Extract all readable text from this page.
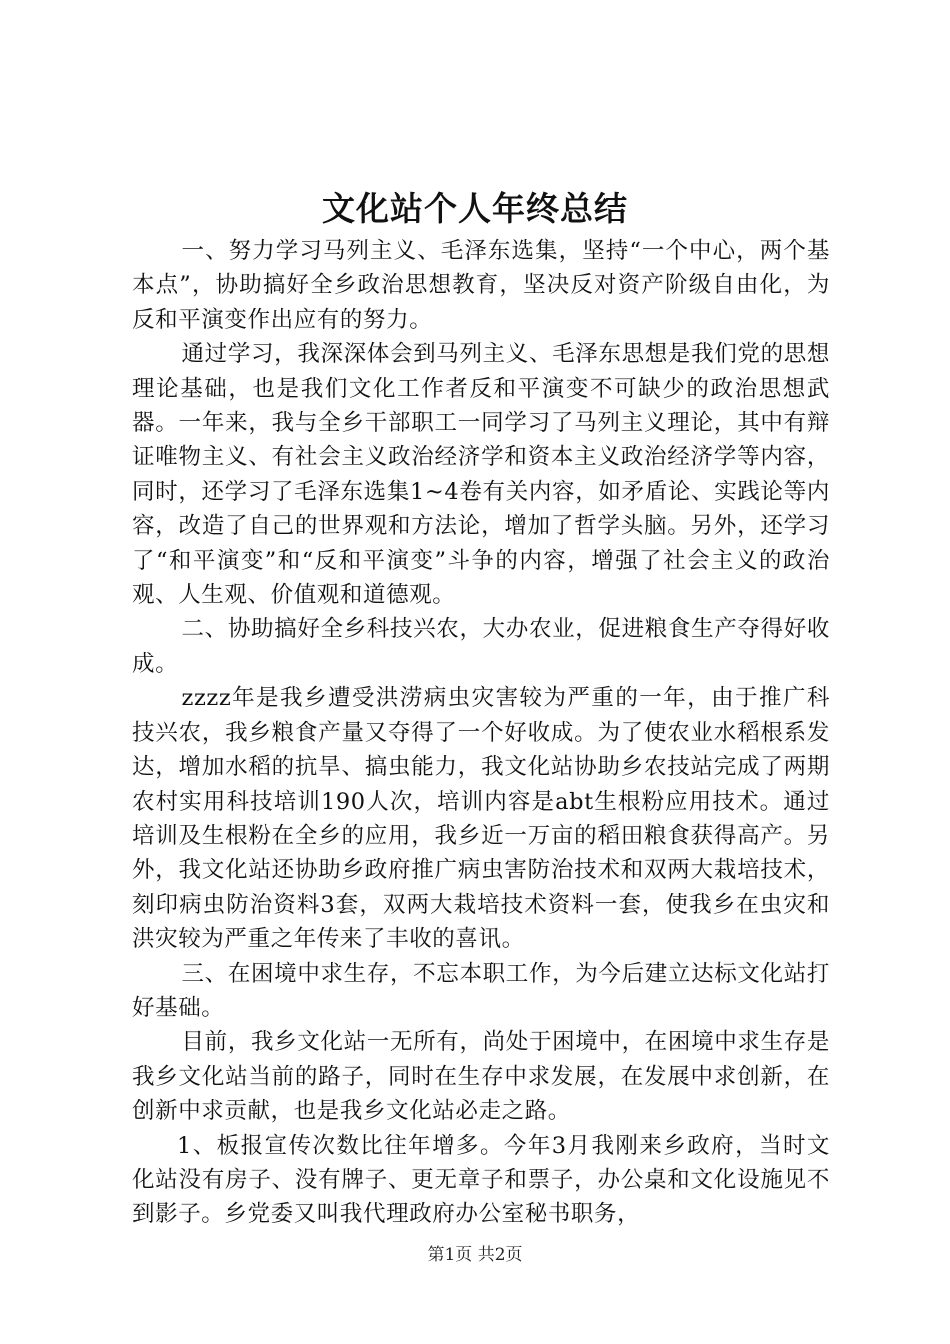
文化站个人年终总结

一、努力学习马列主义、毛泽东选集，坚持“一个中心，两个基本点”，协助搞好全乡政治思想教育，坚决反对资产阶级自由化，为反和平演变作出应有的努力。

通过学习，我深深体会到马列主义、毛泽东思想是我们党的思想理论基础，也是我们文化工作者反和平演变不可缺少的政治思想武器。一年来，我与全乡干部职工一同学习了马列主义理论，其中有辩证唯物主义、有社会主义政治经济学和资本主义政治经济学等内容，同时，还学习了毛泽东选集1~4卷有关内容，如矛盾论、实践论等内容，改造了自己的世界观和方法论，增加了哲学头脑。另外，还学习了“和平演变”和“反和平演变”斗争的内容，增强了社会主义的政治观、人生观、价值观和道德观。

二、协助搞好全乡科技兴农，大办农业，促进粮食生产夺得好收成。

zzzz年是我乡遭受洪涝病虫灾害较为严重的一年，由于推广科技兴农，我乡粮食产量又夺得了一个好收成。为了使农业水稻根系发达，增加水稻的抗旱、搞虫能力，我文化站协助乡农技站完成了两期农村实用科技培训190人次，培训内容是abt生根粉应用技术。通过培训及生根粉在全乡的应用，我乡近一万亩的稻田粮食获得高产。另外，我文化站还协助乡政府推广病虫害防治技术和双两大栽培技术，刻印病虫防治资料3套，双两大栽培技术资料一套，使我乡在虫灾和洪灾较为严重之年传来了丰收的喜讯。

三、在困境中求生存，不忘本职工作，为今后建立达标文化站打好基础。

目前，我乡文化站一无所有，尚处于困境中，在困境中求生存是我乡文化站当前的路子，同时在生存中求发展，在发展中求创新，在创新中求贡献，也是我乡文化站必走之路。

1、板报宣传次数比往年增多。今年3月我刚来乡政府，当时文化站没有房子、没有牌子、更无章子和票子，办公桌和文化设施见不到影子。乡党委又叫我代理政府办公室秘书职务，

第1页 共2页
